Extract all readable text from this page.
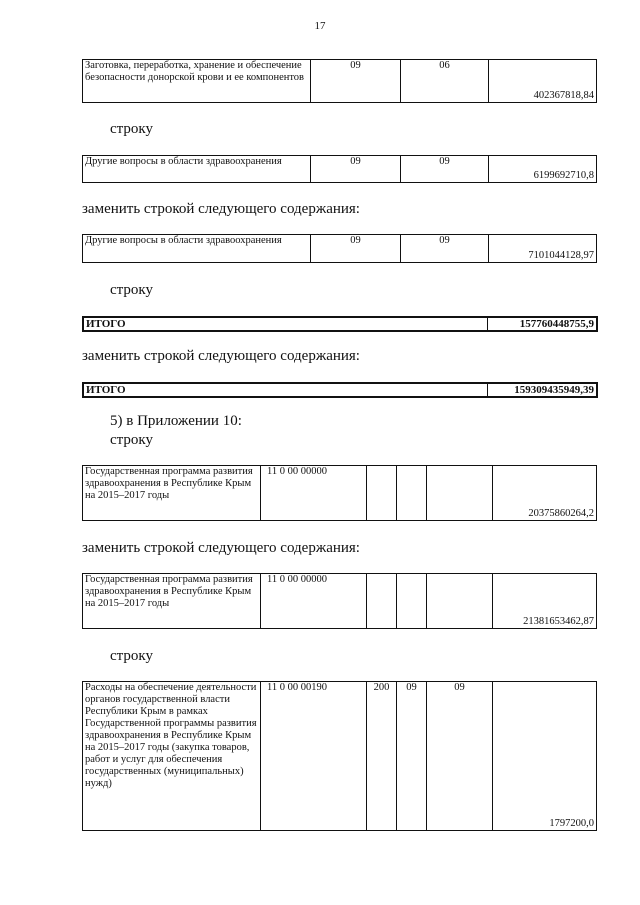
17
Заготовка, переработка, хранение и обеспечение безопасности донорской крови и ее компонентов	09	06	402367818,84

строку

Другие вопросы в области здравоохранения	09	09	6199692710,8

заменить строкой следующего содержания:

Другие вопросы в области здравоохранения	09	09	7101044128,97

строку

ИТОГО	157760448755,9

заменить строкой следующего содержания:

ИТОГО	159309435949,39

5) в Приложении 10:

строку

Государственная программа развития здравоохранения в Республике Крым на 2015–2017 годы	11 0 00 00000				20375860264,2

заменить строкой следующего содержания:

Государственная программа развития здравоохранения в Республике Крым на 2015–2017 годы	11 0 00 00000				21381653462,87

строку

Расходы на обеспечение деятельности органов государственной власти Республики Крым в рамках Государственной программы развития здравоохранения в Республике Крым на 2015–2017 годы (закупка товаров, работ и услуг для обеспечения государственных (муниципальных) нужд)	11 0 00 00190	200	09	09	1797200,0
